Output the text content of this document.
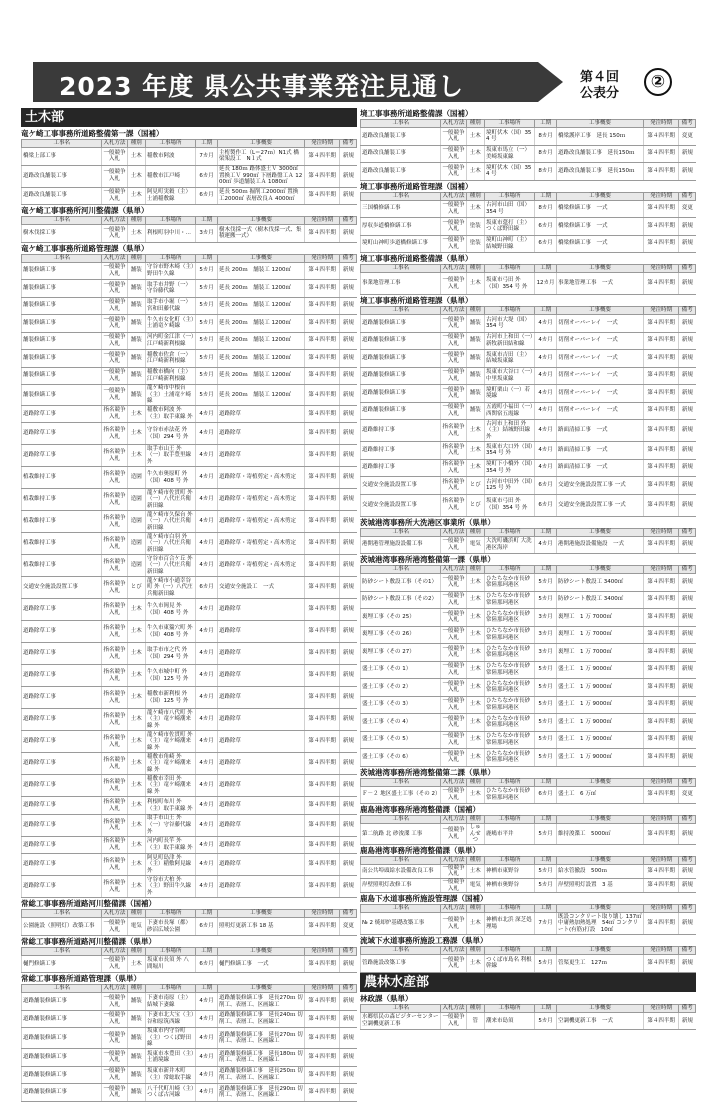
2023 年度 県公共事業発注見通し	第４回
公表分
②
土木部
竜ケ崎工事事務所道路整備第一課（国補）
工事名	入札方法	種別	工事場所	工期	工事概要	発注時期	備考
橋梁上部工事	一般競争入札	土木	稲敷市阿波	7カ月	主桁製作工（L＝27ｍ）N1式 橋梁架設工　N１式	第４四半期	新規
道路改良舗装工事	一般競争入札	土木	稲敷市江戸崎	6カ月	延長 180ｍ 路体盛土Ｖ 3000㎥ 置換工Ｖ 990㎥ 下層路盤工Ａ 1200㎡ 歩道舗装工Ａ 1080㎡	第４四半期	新規
道路改良舗装工事	一般競争入札	土木	阿見町実穀（主）土浦稲敷線	6カ月	延長 500ｍ 掘削工2000㎥ 置換工2000㎥ 表層改良Ａ 4000㎡	第４四半期	新規
竜ケ崎工事事務所河川整備課（県単）
工事名	入札方法	種別	工事場所	工期	工事概要	発注時期	備考
樹木伐採工事	一般競争入札	土木	利根町羽中川・…	3カ月	樹木伐採一式（樹木伐採一式、集積運搬一式）	第４四半期	新規
竜ケ崎工事事務所道路管理課（県単）
工事名	入札方法	種別	工事場所	工期	工事概要	発注時期	備考
舗装修繕工事	一般競争入札	舗装	守谷市野木崎（主）野田牛久線	5カ月	延長 200ｍ　舗装工 1200㎡	第４四半期	新規
舗装修繕工事	一般競争入札	舗装	取手市井野（一）守谷藤代線	5カ月	延長 200ｍ　舗装工 1200㎡	第４四半期	新規
舗装修繕工事	一般競争入札	舗装	取手市小堀（一）宮和田藤代線	5カ月	延長 200ｍ　舗装工 1200㎡	第４四半期	新規
舗装修繕工事	一般競争入札	舗装	牛久市女化町（主）土浦竜ケ崎線	5カ月	延長 200ｍ　舗装工 1200㎡	第４四半期	新規
舗装修繕工事	一般競争入札	舗装	河内町金江津（一）江戸崎新利根線	5カ月	延長 200ｍ　舗装工 1200㎡	第４四半期	新規
舗装修繕工事	一般競争入札	舗装	稲敷市佐倉（一）江戸崎新利根線	5カ月	延長 200ｍ　舗装工 1200㎡	第４四半期	新規
舗装修繕工事	一般競争入札	舗装	稲敷市橋向（主）江戸崎新利根線	5カ月	延長 200ｍ　舗装工 1200㎡	第４四半期	新規
舗装修繕工事	一般競争入札	舗装	龍ケ崎市中根台（主）土浦竜ケ崎線	5カ月	延長 200ｍ　舗装工 1200㎡	第４四半期	新規
道路除草工事	指名競争入札	土木	稲敷市阿波 外（主）取手東線 外	4カ月	道路除草	第４四半期	新規
道路除草工事	指名競争入札	土木	守谷市赤法花 外（国）294 号 外	4カ月	道路除草	第４四半期	新規
道路除草工事	指名競争入札	土木	取手市山王 外（一）取手豊里線 外	4カ月	道路除草	第４四半期	新規
植栽維持工事	指名競争入札	造園	牛久市奥原町 外（国）408 号 外	4カ月	道路除草・寄植剪定・高木剪定	第４四半期	新規
植栽維持工事	指名競争入札	造園	龍ケ崎市佐貫町 外（一）八代庄兵衛新田線	4カ月	道路除草・寄植剪定・高木剪定	第４四半期	新規
植栽維持工事	指名競争入札	造園	龍ケ崎市久保台 外（一）八代庄兵衛新田線	4カ月	道路除草・寄植剪定・高木剪定	第４四半期	新規
植栽維持工事	指名競争入札	造園	龍ケ崎市白羽 外（一）八代庄兵衛新田線	4カ月	道路除草・寄植剪定・高木剪定	第４四半期	新規
植栽維持工事	指名競争入札	造園	守谷市百合ケ丘 外（一）八代庄兵衛新田線	4カ月	道路除草・寄植剪定・高木剪定	第４四半期	新規
交通安全施設設置工事	指名競争入札	とび	龍ケ崎市小通幸谷町 外（一）八代庄兵衛新田線	6カ月	交通安全施設工　一式	第４四半期	新規
道路除草工事	指名競争入札	土木	牛久市岡見 外（国）408 号 外	4カ月	道路除草	第４四半期	新規
道路除草工事	指名競争入札	土木	牛久市東猯穴町 外（国）408 号 外	4カ月	道路除草	第４四半期	新規
道路除草工事	指名競争入札	土木	取手市市之代 外（国）294 号 外	4カ月	道路除草	第４四半期	新規
道路除草工事	指名競争入札	土木	牛久市城中町 外（国）125 号 外	4カ月	道路除草	第４四半期	新規
道路除草工事	指名競争入札	土木	稲敷市新利根 外（国）125 号 外	4カ月	道路除草	第４四半期	新規
道路除草工事	指名競争入札	土木	龍ケ崎市八代町 外（主）竜ケ崎潮来線 外	4カ月	道路除草	第４四半期	新規
道路除草工事	指名競争入札	土木	龍ケ崎市佐貫町 外（主）竜ケ崎潮来線 外	4カ月	道路除草	第４四半期	新規
道路除草工事	指名競争入札	土木	稲敷市角崎 外（主）竜ケ崎潮来線 外	4カ月	道路除草	第４四半期	新規
道路除草工事	指名競争入札	土木	稲敷市幸田 外（主）竜ケ崎潮来線 外	4カ月	道路除草	第４四半期	新規
道路除草工事	指名競争入札	土木	利根町布川 外（主）取手東線 外	4カ月	道路除草	第４四半期	新規
道路除草工事	指名競争入札	土木	取手市山王 外（一）守谷藤代線 外	4カ月	道路除草	第４四半期	新規
道路除草工事	指名競争入札	土木	河内町長竿 外（主）取手東線 外	4カ月	道路除草	第４四半期	新規
道路除草工事	指名競争入札	土木	阿見町島津 外（主）稲敷阿見線 外	4カ月	道路除草	第４四半期	新規
道路除草工事	指名競争入札	土木	守谷市大柏 外（主）野田牛久線 外	4カ月	道路除草	第４四半期	新規
常総工事事務所道路河川整備課（国補）
工事名	入札方法	種別	工事場所	工期	工事概要	発注時期	備考
公園施設（照明灯）改築工事	一般競争入札	電気	下妻市長塚（都）砂沼広域公園	6カ月	照明灯更新工事 18 基	第４四半期	変更
常総工事事務所道路河川整備課（県単）
工事名	入札方法	種別	工事場所	工期	工事概要	発注時期	備考
樋門修繕工事	一般競争入札	土木	坂東市長須 外 八間堀川	6カ月	樋門修繕工事　一式	第４四半期	新規
常総工事事務所道路管理課（県単）
工事名	入札方法	種別	工事場所	工期	工事概要	発注時期	備考
道路舗装修繕工事	一般競争入札	舗装	下妻市南原（主）結城下妻線	4カ月	道路舗装修繕工事　延長270ｍ 切削工、表層工、区画線工	第４四半期	新規
道路舗装修繕工事	一般競争入札	舗装	下妻市北大宝（主）谷和原筑西線	4カ月	道路舗装修繕工事　延長240ｍ 切削工、表層工、区画線工	第４四半期	新規
道路舗装修繕工事	一般競争入札	舗装	坂東市内守谷町（主）つくば野田線	4カ月	道路舗装修繕工事　延長270ｍ 切削工、表層工、区画線工	第４四半期	新規
道路舗装修繕工事	一般競争入札	舗装	坂東市本豊田（主）土浦境線	4カ月	道路舗装修繕工事　延長180ｍ 切削工、表層工、区画線工	第４四半期	新規
道路舗装修繕工事	一般競争入札	舗装	坂東市新井木町（主）常総取手線	4カ月	道路舗装修繕工事　延長250ｍ 切削工、表層工、区画線工	第４四半期	新規
道路舗装修繕工事	一般競争入札	舗装	八千代町川崎（主）つくば古河線	4カ月	道路舗装修繕工事　延長290ｍ 切削工、表層工、区画線工	第４四半期	新規
境工事事務所道路整備課（国補）
工事名	入札方法	種別	工事場所	工期	工事概要	発注時期	備考
道路改良舗装工事	一般競争入札	土木	境町伏木（国）354 号	8カ月	橋梁護岸工事　延長 150ｍ	第４四半期	変更
道路改良舗装工事	一般競争入札	土木	坂東市馬立（一）美崎坂東線	8カ月	道路改良舗装工事　延長150ｍ	第４四半期	新規
道路改良舗装工事	一般競争入札	土木	境町伏木（国）354 号	8カ月	道路改良舗装工事　延長150ｍ	第４四半期	新規
境工事事務所道路管理課（国補）
工事名	入札方法	種別	工事場所	工期	工事概要	発注時期	備考
三国橋修繕工事	一般競争入札	土木	古河市山田（国）354 号	8カ月	橋梁修繕工事　一式	第４四半期	変更
厚収歩道橋修繕工事	一般競争入札	塗装	坂東市莚打（主）つくば野田線	6カ月	橋梁修繕工事　一式	第４四半期	新規
境町山神町歩道橋修繕工事	一般競争入札	塗装	境町山神町（主）結城野田線	6カ月	橋梁修繕工事　一式	第４四半期	新規
境工事事務所道路整備課（県単）
工事名	入札方法	種別	工事場所	工期	工事概要	発注時期	備考
事業地管理工事	一般競争入札	土木	坂東市弓田 外（国）354 号 外	12カ月	事業地管理工事　一式	第４四半期	新規
境工事事務所道路管理課（県単）
工事名	入札方法	種別	工事場所	工期	工事概要	発注時期	備考
道路舗装修繕工事	一般競争入札	舗装	古河市大堤（国）354 号	4カ月	切削オーバーレイ　一式	第４四半期	新規
道路舗装修繕工事	一般競争入札	舗装	古河市上和田（一）新牧新田結和線	4カ月	切削オーバーレイ　一式	第４四半期	新規
道路舗装修繕工事	一般競争入札	舗装	坂東市吉田（主）結城坂東線	4カ月	切削オーバーレイ　一式	第４四半期	新規
道路舗装修繕工事	一般競争入札	舗装	坂東市大谷口（一）中里坂東線	4カ月	切削オーバーレイ　一式	第４四半期	新規
道路舗装修繕工事	一般競争入札	舗装	境町栗山（一）若境線	4カ月	切削オーバーレイ　一式	第４四半期	新規
道路舗装修繕工事	一般競争入札	舗装	五霞町小福田（一）西関宿五霞線	4カ月	切削オーバーレイ　一式	第４四半期	新規
道路維持工事	指名競争入札	土木	古河市上和田 外（主）結城野田線 外	4カ月	路面清掃工事　一式	第４四半期	新規
道路維持工事	指名競争入札	土木	坂東市大口外（国）354 号 外	4カ月	路面清掃工事　一式	第４四半期	新規
道路維持工事	指名競争入札	土木	境町下小橋外（国）354 号 外	4カ月	路面清掃工事　一式	第４四半期	新規
交通安全施設設置工事	指名競争入札	とび	古河市中田外（国）125 号 外	6カ月	交通安全施設設置工事 一式	第４四半期	新規
交通安全施設設置工事	指名競争入札	とび	坂東市弓田 外（国）354 号 外	6カ月	交通安全施設設置工事 一式	第４四半期	新規
茨城港湾事務所大洗港区事業所（県単）
工事名	入札方法	種別	工事場所	工期	工事概要	発注時期	備考
港開港管理施設設備工事	一般競争入札	電気	大洗町磯浜町 大洗港区海岸	4カ月	港開港施設設備施設　一式	第４四半期	新規
茨城港湾事務所港湾整備第一課（県単）
工事名	入札方法	種別	工事場所	工期	工事概要	発注時期	備考
防砂シート敷設工事（その1）	一般競争入札	土木	ひたちなか市長砂 常陸那珂港区	5カ月	防砂シート敷設工 3400㎡	第４四半期	新規
防砂シート敷設工事（その2）	一般競争入札	土木	ひたちなか市長砂 常陸那珂港区	5カ月	防砂シート敷設工 3400㎡	第４四半期	新規
裏埋工事（その 25）	一般競争入札	土木	ひたちなか市長砂 常陸那珂港区	3カ月	裏埋工　1 万 7000㎥	第４四半期	新規
裏埋工事（その 26）	一般競争入札	土木	ひたちなか市長砂 常陸那珂港区	3カ月	裏埋工　1 万 7000㎥	第４四半期	新規
裏埋工事（その 27）	一般競争入札	土木	ひたちなか市長砂 常陸那珂港区	3カ月	裏埋工　1 万 7000㎥	第４四半期	新規
盛土工事（その 1）	一般競争入札	土木	ひたちなか市長砂 常陸那珂港区	5カ月	盛土工　1 万 9000㎥	第４四半期	新規
盛土工事（その 2）	一般競争入札	土木	ひたちなか市長砂 常陸那珂港区	5カ月	盛土工　1 万 9000㎥	第４四半期	新規
盛土工事（その 3）	一般競争入札	土木	ひたちなか市長砂 常陸那珂港区	5カ月	盛土工　1 万 9000㎥	第４四半期	新規
盛土工事（その 4）	一般競争入札	土木	ひたちなか市長砂 常陸那珂港区	5カ月	盛土工　1 万 9000㎥	第４四半期	新規
盛土工事（その 5）	一般競争入札	土木	ひたちなか市長砂 常陸那珂港区	5カ月	盛土工　1 万 9000㎥	第４四半期	新規
盛土工事（その 6）	一般競争入札	土木	ひたちなか市長砂 常陸那珂港区	5カ月	盛土工　1 万 9000㎥	第４四半期	新規
茨城港湾事務所港湾整備第二課（県単）
工事名	入札方法	種別	工事場所	工期	工事概要	発注時期	備考
Ｆ－２ 地区盛土工事（その 2）	一般競争入札	土木	ひたちなか市長砂 常陸那珂港区	6カ月	盛土工　6 万㎥	第４四半期	変更
鹿島港湾事務所港湾整備課（国補）
工事名	入札方法	種別	工事場所	工期	工事概要	発注時期	備考
第二航路 北 砂浚渫 工事	一般競争入札	しゅんせつ	鹿嶋市平井	5カ月	維持浚渫工　5000㎥	第４四半期	新規
鹿島港湾事務所港湾整備課（県単）
工事名	入札方法	種別	工事場所	工期	工事概要	発注時期	備考
南公共埠頭給水設備改良工事	一般競争入札	土木	神栖市東野谷	5カ月	給水管撤設　500ｍ	第４四半期	新規
岸壁照明灯改修工事	一般競争入札	電気	神栖市奥野谷	5カ月	岸壁照明灯設置　3 基	第４四半期	新規
鹿島下水道事務所施設管理課（国補）
工事名	入札方法	種別	工事場所	工期	工事概要	発注時期	備考
№ 2 焼却炉基礎改築工事	一般競争入札	土木	神栖市北浜 深芝処理場	7カ月	既設コンクリート取り壊し 137㎥ 中庸熱加熱処理　54㎥ コンクリート(有筋)打設　10㎥	第４四半期	新規
流域下水道事務所施設工務課（県単）
工事名	入札方法	種別	工事場所	工期	工事概要	発注時期	備考
管路施設改築工事	一般競争入札	土木	つくば市島名 利根幹線	5カ月	管渠更生工　127ｍ	第４四半期	新規
農林水産部
林政課（県単）
工事名	入札方法	種別	工事場所	工期	工事概要	発注時期	備考
水郷県民の森ビジターセンター空調機更新工事	一般競争入札	管	潮来市島須	5カ月	空調機更新工事　一式	第４四半期	新規
